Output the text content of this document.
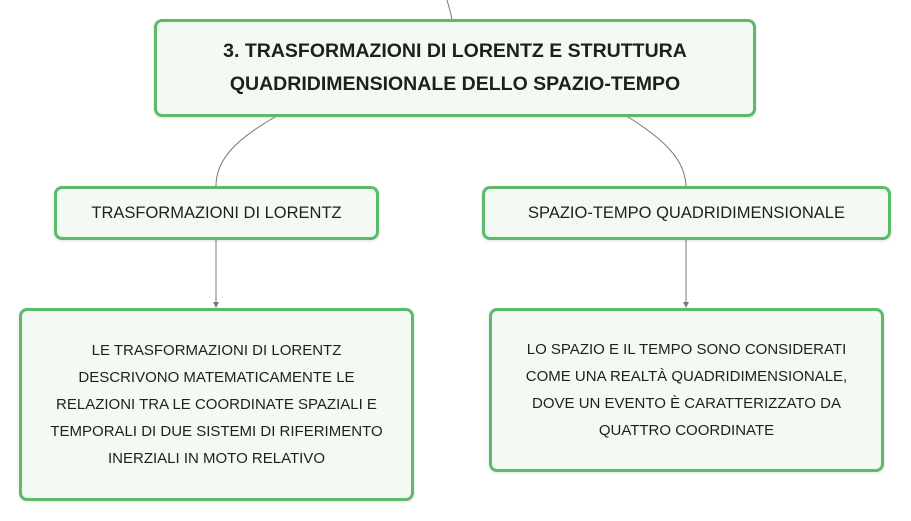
3. TRASFORMAZIONI DI LORENTZ E STRUTTURA
QUADRIDIMENSIONALE DELLO SPAZIO-TEMPO
TRASFORMAZIONI DI LORENTZ	SPAZIO-TEMPO QUADRIDIMENSIONALE
LE TRASFORMAZIONI DI LORENTZ
DESCRIVONO MATEMATICAMENTE LE
RELAZIONI TRA LE COORDINATE SPAZIALI E
TEMPORALI DI DUE SISTEMI DI RIFERIMENTO
INERZIALI IN MOTO RELATIVO
LO SPAZIO E IL TEMPO SONO CONSIDERATI
COME UNA REALTÀ QUADRIDIMENSIONALE,
DOVE UN EVENTO È CARATTERIZZATO DA
QUATTRO COORDINATE
